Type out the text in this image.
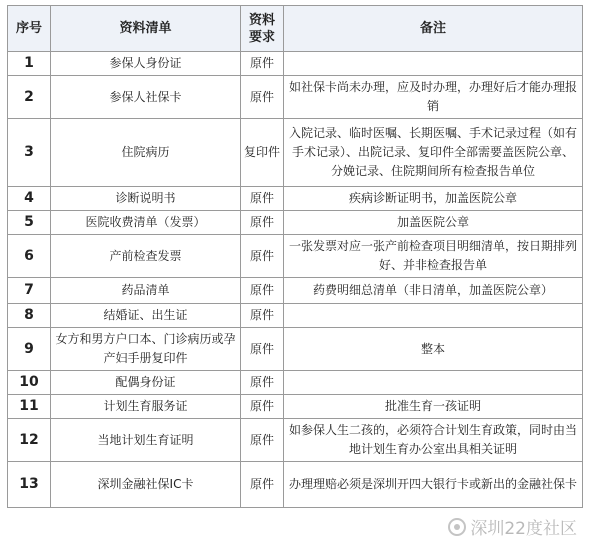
序号	资料清单	资料要求	备注
1	参保人身份证	原件	
2	参保人社保卡	原件	如社保卡尚未办理，应及时办理，办理好后才能办理报销
3	住院病历	复印件	入院记录、临时医嘱、长期医嘱、手术记录过程（如有手术记录）、出院记录、复印件全部需要盖医院公章、分娩记录、住院期间所有检查报告单位
4	诊断说明书	原件	疾病诊断证明书，加盖医院公章
5	医院收费清单（发票）	原件	加盖医院公章
6	产前检查发票	原件	一张发票对应一张产前检查项目明细清单，按日期排列好、并非检查报告单
7	药品清单	原件	药费明细总清单（非日清单，加盖医院公章）
8	结婚证、出生证	原件	
9	女方和男方户口本、门诊病历或孕产妇手册复印件	原件	整本
10	配偶身份证	原件	
11	计划生育服务证	原件	批准生育一孩证明
12	当地计划生育证明	原件	如参保人生二孩的，必须符合计划生育政策，同时由当地计划生育办公室出具相关证明
13	深圳金融社保IC卡	原件	办理理赔必须是深圳开四大银行卡或新出的金融社保卡
深圳22度社区
